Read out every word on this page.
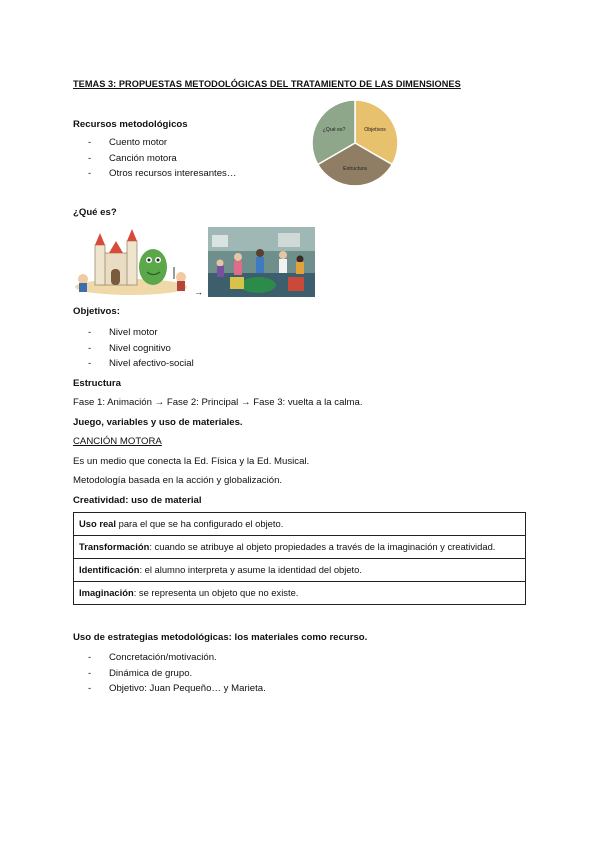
TEMAS 3: PROPUESTAS METODOLÓGICAS DEL TRATAMIENTO DE LAS DIMENSIONES
Recursos metodológicos
- Cuento motor
- Canción motora
- Otros recursos interesantes…
Objetivos
Estructura
¿Qué es?
¿Qué es?
→
Objetivos:
- Nivel motor
- Nivel cognitivo
- Nivel afectivo-social
Estructura
Fase 1: Animación → Fase 2: Principal → Fase 3: vuelta a la calma.
Juego, variables y uso de materiales.
CANCIÓN MOTORA
Es un medio que conecta la Ed. Física y la Ed. Musical.
Metodología basada en la acción y globalización.
Creatividad: uso de material
Uso real para el que se ha configurado el objeto.
Transformación: cuando se atribuye al objeto propiedades a través de la imaginación y creatividad.
Identificación: el alumno interpreta y asume la identidad del objeto.
Imaginación: se representa un objeto que no existe.
Uso de estrategias metodológicas: los materiales como recurso.
- Concretación/motivación.
- Dinámica de grupo.
- Objetivo: Juan Pequeño… y Marieta.
